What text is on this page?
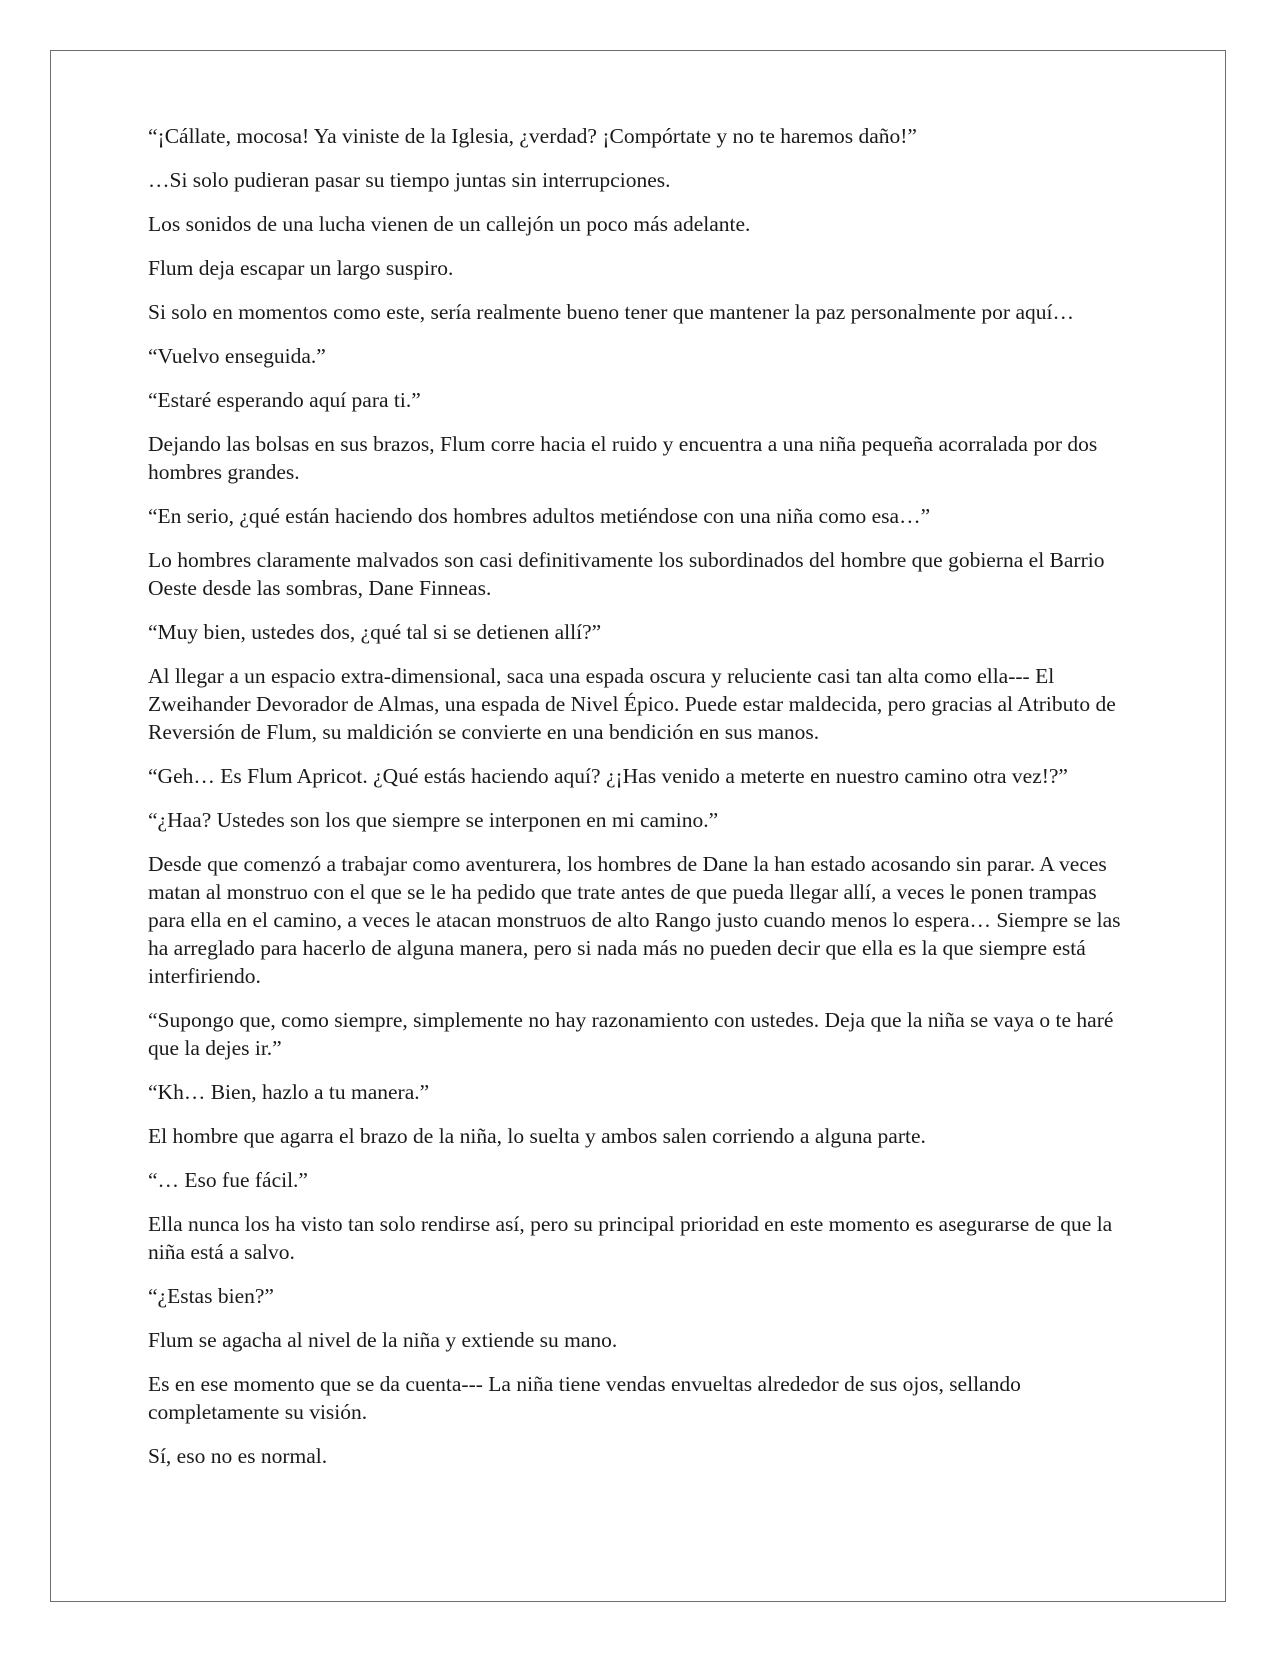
“¡Cállate, mocosa! Ya viniste de la Iglesia, ¿verdad? ¡Compórtate y no te haremos daño!”

…Si solo pudieran pasar su tiempo juntas sin interrupciones.

Los sonidos de una lucha vienen de un callejón un poco más adelante.

Flum deja escapar un largo suspiro.

Si solo en momentos como este, sería realmente bueno tener que mantener la paz personalmente por aquí…

“Vuelvo enseguida.”

“Estaré esperando aquí para ti.”

Dejando las bolsas en sus brazos, Flum corre hacia el ruido y encuentra a una niña pequeña acorralada por dos hombres grandes.

“En serio, ¿qué están haciendo dos hombres adultos metiéndose con una niña como esa…”

Lo hombres claramente malvados son casi definitivamente los subordinados del hombre que gobierna el Barrio Oeste desde las sombras, Dane Finneas.

“Muy bien, ustedes dos, ¿qué tal si se detienen allí?”

Al llegar a un espacio extra-dimensional, saca una espada oscura y reluciente casi tan alta como ella--- El Zweihander Devorador de Almas, una espada de Nivel Épico. Puede estar maldecida, pero gracias al Atributo de Reversión de Flum, su maldición se convierte en una bendición en sus manos.

“Geh… Es Flum Apricot. ¿Qué estás haciendo aquí? ¿¡Has venido a meterte en nuestro camino otra vez!?”

“¿Haa? Ustedes son los que siempre se interponen en mi camino.”

Desde que comenzó a trabajar como aventurera, los hombres de Dane la han estado acosando sin parar. A veces matan al monstruo con el que se le ha pedido que trate antes de que pueda llegar allí, a veces le ponen trampas para ella en el camino, a veces le atacan monstruos de alto Rango justo cuando menos lo espera… Siempre se las ha arreglado para hacerlo de alguna manera, pero si nada más no pueden decir que ella es la que siempre está interfiriendo.

“Supongo que, como siempre, simplemente no hay razonamiento con ustedes. Deja que la niña se vaya o te haré que la dejes ir.”

“Kh… Bien, hazlo a tu manera.”

El hombre que agarra el brazo de la niña, lo suelta y ambos salen corriendo a alguna parte.

“… Eso fue fácil.”

Ella nunca los ha visto tan solo rendirse así, pero su principal prioridad en este momento es asegurarse de que la niña está a salvo.

“¿Estas bien?”

Flum se agacha al nivel de la niña y extiende su mano.

Es en ese momento que se da cuenta--- La niña tiene vendas envueltas alrededor de sus ojos, sellando completamente su visión.

Sí, eso no es normal.
